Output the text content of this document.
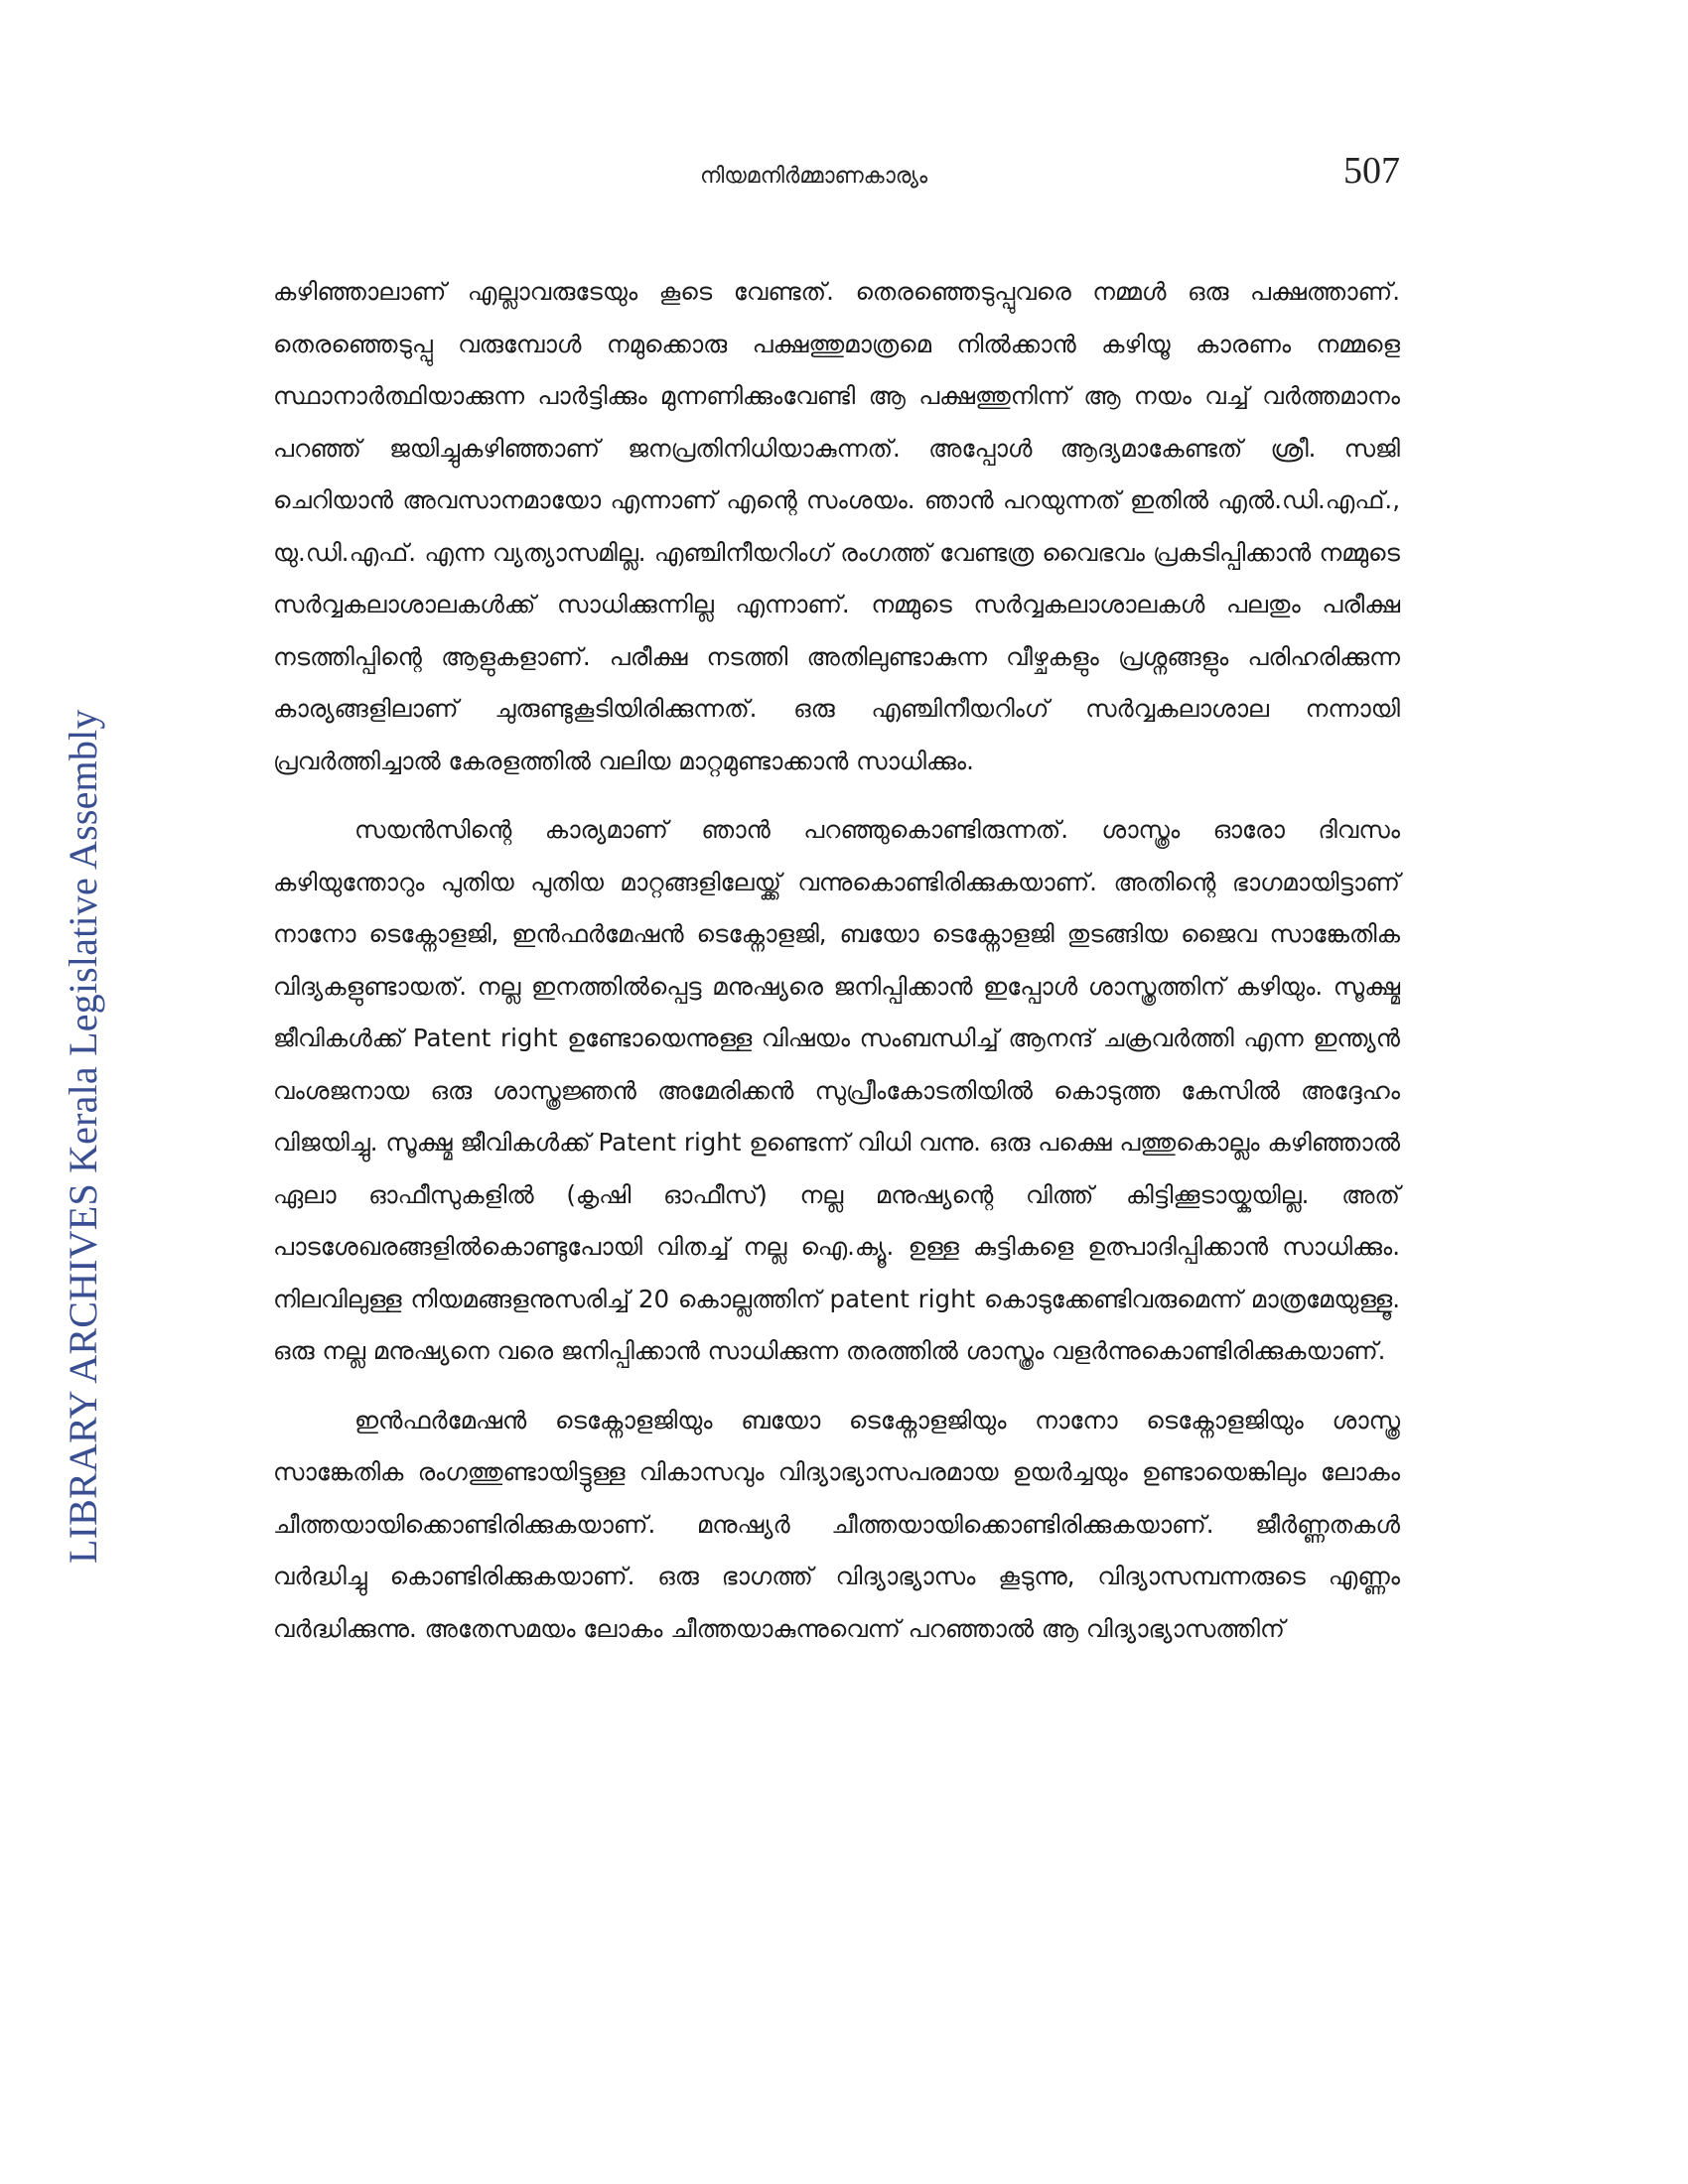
നിയമനിർമ്മാണകാര്യം	507
LIBRARY ARCHIVES Kerala Legislative Assembly

കഴിഞ്ഞാലാണ് എല്ലാവരുടേയും കൂടെ വേണ്ടത്. തെരഞ്ഞെടുപ്പുവരെ നമ്മൾ ഒരു പക്ഷത്താണ്. തെരഞ്ഞെടുപ്പു വരുമ്പോൾ നമുക്കൊരു പക്ഷത്തുമാത്രമെ നിൽക്കാൻ കഴിയൂ കാരണം നമ്മളെ സ്ഥാനാർത്ഥിയാക്കുന്ന പാർട്ടിക്കും മുന്നണിക്കുംവേണ്ടി ആ പക്ഷത്തുനിന്ന് ആ നയം വച്ച് വർത്തമാനം പറഞ്ഞ് ജയിച്ചുകഴിഞ്ഞാണ് ജനപ്രതിനിധിയാകുന്നത്. അപ്പോൾ ആദ്യമാകേണ്ടത് ശ്രീ. സജി ചെറിയാൻ അവസാനമായോ എന്നാണ് എന്റെ സംശയം. ഞാൻ പറയുന്നത് ഇതിൽ എൽ.ഡി.എഫ്., യു.ഡി.എഫ്. എന്ന വ്യത്യാസമില്ല. എഞ്ചിനീയറിംഗ് രംഗത്ത് വേണ്ടത്ര വൈഭവം പ്രകടിപ്പിക്കാൻ നമ്മുടെ സർവ്വകലാശാലകൾക്ക് സാധിക്കുന്നില്ല എന്നാണ്. നമ്മുടെ സർവ്വകലാശാലകൾ പലതും പരീക്ഷ നടത്തിപ്പിന്റെ ആളുകളാണ്. പരീക്ഷ നടത്തി അതിലുണ്ടാകുന്ന വീഴ്ചകളും പ്രശ്നങ്ങളും പരിഹരിക്കുന്ന കാര്യങ്ങളിലാണ് ചുരുണ്ടുകൂടിയിരിക്കുന്നത്. ഒരു എഞ്ചിനീയറിംഗ് സർവ്വകലാശാല നന്നായി പ്രവർത്തിച്ചാൽ കേരളത്തിൽ വലിയ മാറ്റമുണ്ടാക്കാൻ സാധിക്കും.

സയൻസിന്റെ കാര്യമാണ് ഞാൻ പറഞ്ഞുകൊണ്ടിരുന്നത്. ശാസ്ത്രം ഓരോ ദിവസം കഴിയുന്തോറും പുതിയ പുതിയ മാറ്റങ്ങളിലേയ്ക്ക് വന്നുകൊണ്ടിരിക്കുകയാണ്. അതിന്റെ ഭാഗമായിട്ടാണ് നാനോ ടെക്നോളജി, ഇൻഫർമേഷൻ ടെക്നോളജി, ബയോ ടെക്നോളജി തുടങ്ങിയ ജൈവ സാങ്കേതിക വിദ്യകളുണ്ടായത്. നല്ല ഇനത്തിൽപ്പെട്ട മനുഷ്യരെ ജനിപ്പിക്കാൻ ഇപ്പോൾ ശാസ്ത്രത്തിന് കഴിയും. സൂക്ഷ്മ ജീവികൾക്ക് Patent right ഉണ്ടോയെന്നുള്ള വിഷയം സംബന്ധിച്ച് ആനന്ദ് ചക്രവർത്തി എന്ന ഇന്ത്യൻ വംശജനായ ഒരു ശാസ്ത്രജ്ഞൻ അമേരിക്കൻ സുപ്രീംകോടതിയിൽ കൊടുത്ത കേസിൽ അദ്ദേഹം വിജയിച്ചു. സൂക്ഷ്മ ജീവികൾക്ക് Patent right ഉണ്ടെന്ന് വിധി വന്നു. ഒരു പക്ഷെ പത്തുകൊല്ലം കഴിഞ്ഞാൽ ഏലാ ഓഫീസുകളിൽ (കൃഷി ഓഫീസ്) നല്ല മനുഷ്യന്റെ വിത്ത് കിട്ടിക്കൂടായ്കയില്ല. അത് പാടശേഖരങ്ങളിൽകൊണ്ടുപോയി വിതച്ച് നല്ല ഐ.ക്യൂ. ഉള്ള കുട്ടികളെ ഉത്പാദിപ്പിക്കാൻ സാധിക്കും. നിലവിലുള്ള നിയമങ്ങളനുസരിച്ച് 20 കൊല്ലത്തിന് patent right കൊടുക്കേണ്ടിവരുമെന്ന് മാത്രമേയുള്ളൂ. ഒരു നല്ല മനുഷ്യനെ വരെ ജനിപ്പിക്കാൻ സാധിക്കുന്ന തരത്തിൽ ശാസ്ത്രം വളർന്നുകൊണ്ടിരിക്കുകയാണ്.

ഇൻഫർമേഷൻ ടെക്നോളജിയും ബയോ ടെക്നോളജിയും നാനോ ടെക്നോളജിയും ശാസ്ത്ര സാങ്കേതിക രംഗത്തുണ്ടായിട്ടുള്ള വികാസവും വിദ്യാഭ്യാസപരമായ ഉയർച്ചയും ഉണ്ടായെങ്കിലും ലോകം ചീത്തയായിക്കൊണ്ടിരിക്കുകയാണ്. മനുഷ്യർ ചീത്തയായിക്കൊണ്ടിരിക്കുകയാണ്. ജീർണ്ണതകൾ വർദ്ധിച്ചു കൊണ്ടിരിക്കുകയാണ്. ഒരു ഭാഗത്ത് വിദ്യാഭ്യാസം കൂടുന്നു, വിദ്യാസമ്പന്നരുടെ എണ്ണം വർദ്ധിക്കുന്നു. അതേസമയം ലോകം ചീത്തയാകുന്നുവെന്ന് പറഞ്ഞാൽ ആ വിദ്യാഭ്യാസത്തിന്
